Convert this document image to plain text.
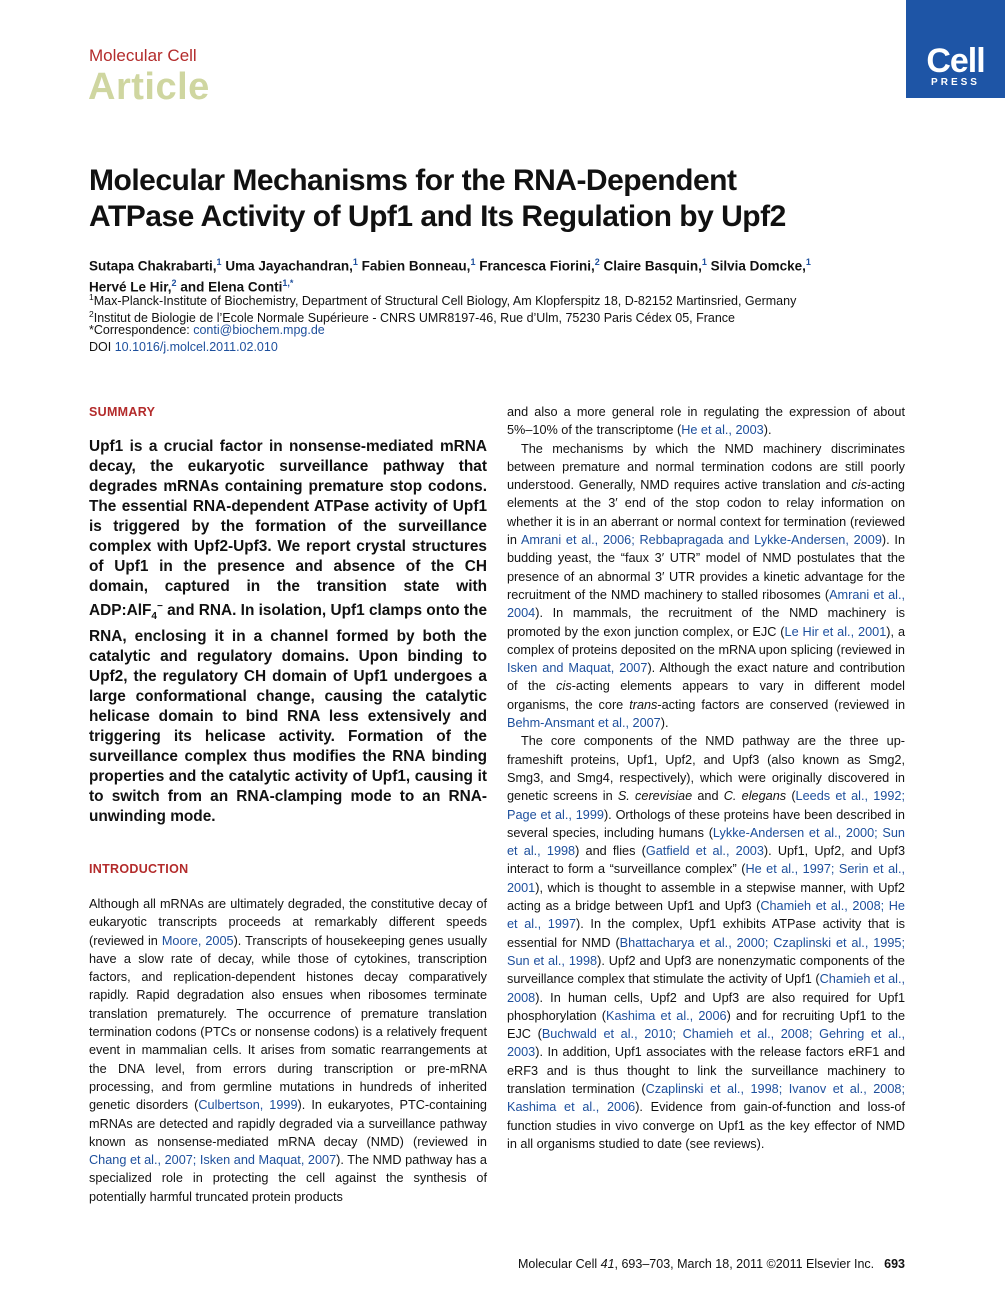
Molecular Cell
Article
Cell
PRESS
Molecular Mechanisms for the RNA-Dependent
ATPase Activity of Upf1 and Its Regulation by Upf2
Sutapa Chakrabarti,$^1$ Uma Jayachandran,$^1$ Fabien Bonneau,$^1$ Francesca Fiorini,$^2$ Claire Basquin,$^1$ Silvia Domcke,$^1$
Hervé Le Hir,$^2$ and Elena Conti$^{1,*}$
$^1$Max-Planck-Institute of Biochemistry, Department of Structural Cell Biology, Am Klopferspitz 18, D-82152 Martinsried, Germany
$^2$Institut de Biologie de l’Ecole Normale Supérieure - CNRS UMR8197-46, Rue d’Ulm, 75230 Paris Cédex 05, France
*Correspondence: conti@biochem.mpg.de
DOI 10.1016/j.molcel.2011.02.010
SUMMARY

Upf1 is a crucial factor in nonsense-mediated mRNA decay, the eukaryotic surveillance pathway that degrades mRNAs containing premature stop codons. The essential RNA-dependent ATPase activity of Upf1 is triggered by the formation of the surveillance complex with Upf2-Upf3. We report crystal structures of Upf1 in the presence and absence of the CH domain, captured in the transition state with ADP:AlF$_4$− and RNA. In isolation, Upf1 clamps onto the RNA, enclosing it in a channel formed by both the catalytic and regulatory domains. Upon binding to Upf2, the regulatory CH domain of Upf1 undergoes a large conformational change, causing the catalytic helicase domain to bind RNA less extensively and triggering its helicase activity. Formation of the surveillance complex thus modifies the RNA binding properties and the catalytic activity of Upf1, causing it to switch from an RNA-clamping mode to an RNA-unwinding mode.

INTRODUCTION

Although all mRNAs are ultimately degraded, the constitutive decay of eukaryotic transcripts proceeds at remarkably different speeds (reviewed in Moore, 2005). Transcripts of housekeeping genes usually have a slow rate of decay, while those of cytokines, transcription factors, and replication-dependent histones decay comparatively rapidly. Rapid degradation also ensues when ribosomes terminate translation prematurely. The occurrence of premature translation termination codons (PTCs or nonsense codons) is a relatively frequent event in mammalian cells. It arises from somatic rearrangements at the DNA level, from errors during transcription or pre-mRNA processing, and from germline mutations in hundreds of inherited genetic disorders (Culbertson, 1999). In eukaryotes, PTC-containing mRNAs are detected and rapidly degraded via a surveillance pathway known as nonsense-mediated mRNA decay (NMD) (reviewed in Chang et al., 2007; Isken and Maquat, 2007). The NMD pathway has a specialized role in protecting the cell against the synthesis of potentially harmful truncated protein products

and also a more general role in regulating the expression of about 5%–10% of the transcriptome (He et al., 2003).

The mechanisms by which the NMD machinery discriminates between premature and normal termination codons are still poorly understood. Generally, NMD requires active translation and cis-acting elements at the 3′ end of the stop codon to relay information on whether it is in an aberrant or normal context for termination (reviewed in Amrani et al., 2006; Rebbapragada and Lykke-Andersen, 2009). In budding yeast, the “faux 3′ UTR” model of NMD postulates that the presence of an abnormal 3′ UTR provides a kinetic advantage for the recruitment of the NMD machinery to stalled ribosomes (Amrani et al., 2004). In mammals, the recruitment of the NMD machinery is promoted by the exon junction complex, or EJC (Le Hir et al., 2001), a complex of proteins deposited on the mRNA upon splicing (reviewed in Isken and Maquat, 2007). Although the exact nature and contribution of the cis-acting elements appears to vary in different model organisms, the core trans-acting factors are conserved (reviewed in Behm-Ansmant et al., 2007).

The core components of the NMD pathway are the three up-frameshift proteins, Upf1, Upf2, and Upf3 (also known as Smg2, Smg3, and Smg4, respectively), which were originally discovered in genetic screens in S. cerevisiae and C. elegans (Leeds et al., 1992; Page et al., 1999). Orthologs of these proteins have been described in several species, including humans (Lykke-Andersen et al., 2000; Sun et al., 1998) and flies (Gatfield et al., 2003). Upf1, Upf2, and Upf3 interact to form a “surveillance complex” (He et al., 1997; Serin et al., 2001), which is thought to assemble in a stepwise manner, with Upf2 acting as a bridge between Upf1 and Upf3 (Chamieh et al., 2008; He et al., 1997). In the complex, Upf1 exhibits ATPase activity that is essential for NMD (Bhattacharya et al., 2000; Czaplinski et al., 1995; Sun et al., 1998). Upf2 and Upf3 are nonenzymatic components of the surveillance complex that stimulate the activity of Upf1 (Chamieh et al., 2008). In human cells, Upf2 and Upf3 are also required for Upf1 phosphorylation (Kashima et al., 2006) and for recruiting Upf1 to the EJC (Buchwald et al., 2010; Chamieh et al., 2008; Gehring et al., 2003). In addition, Upf1 associates with the release factors eRF1 and eRF3 and is thus thought to link the surveillance machinery to translation termination (Czaplinski et al., 1998; Ivanov et al., 2008; Kashima et al., 2006). Evidence from gain-of-function and loss-of function studies in vivo converge on Upf1 as the key effector of NMD in all organisms studied to date (see reviews).

Molecular Cell 41, 693–703, March 18, 2011 ©2011 Elsevier Inc. 693
